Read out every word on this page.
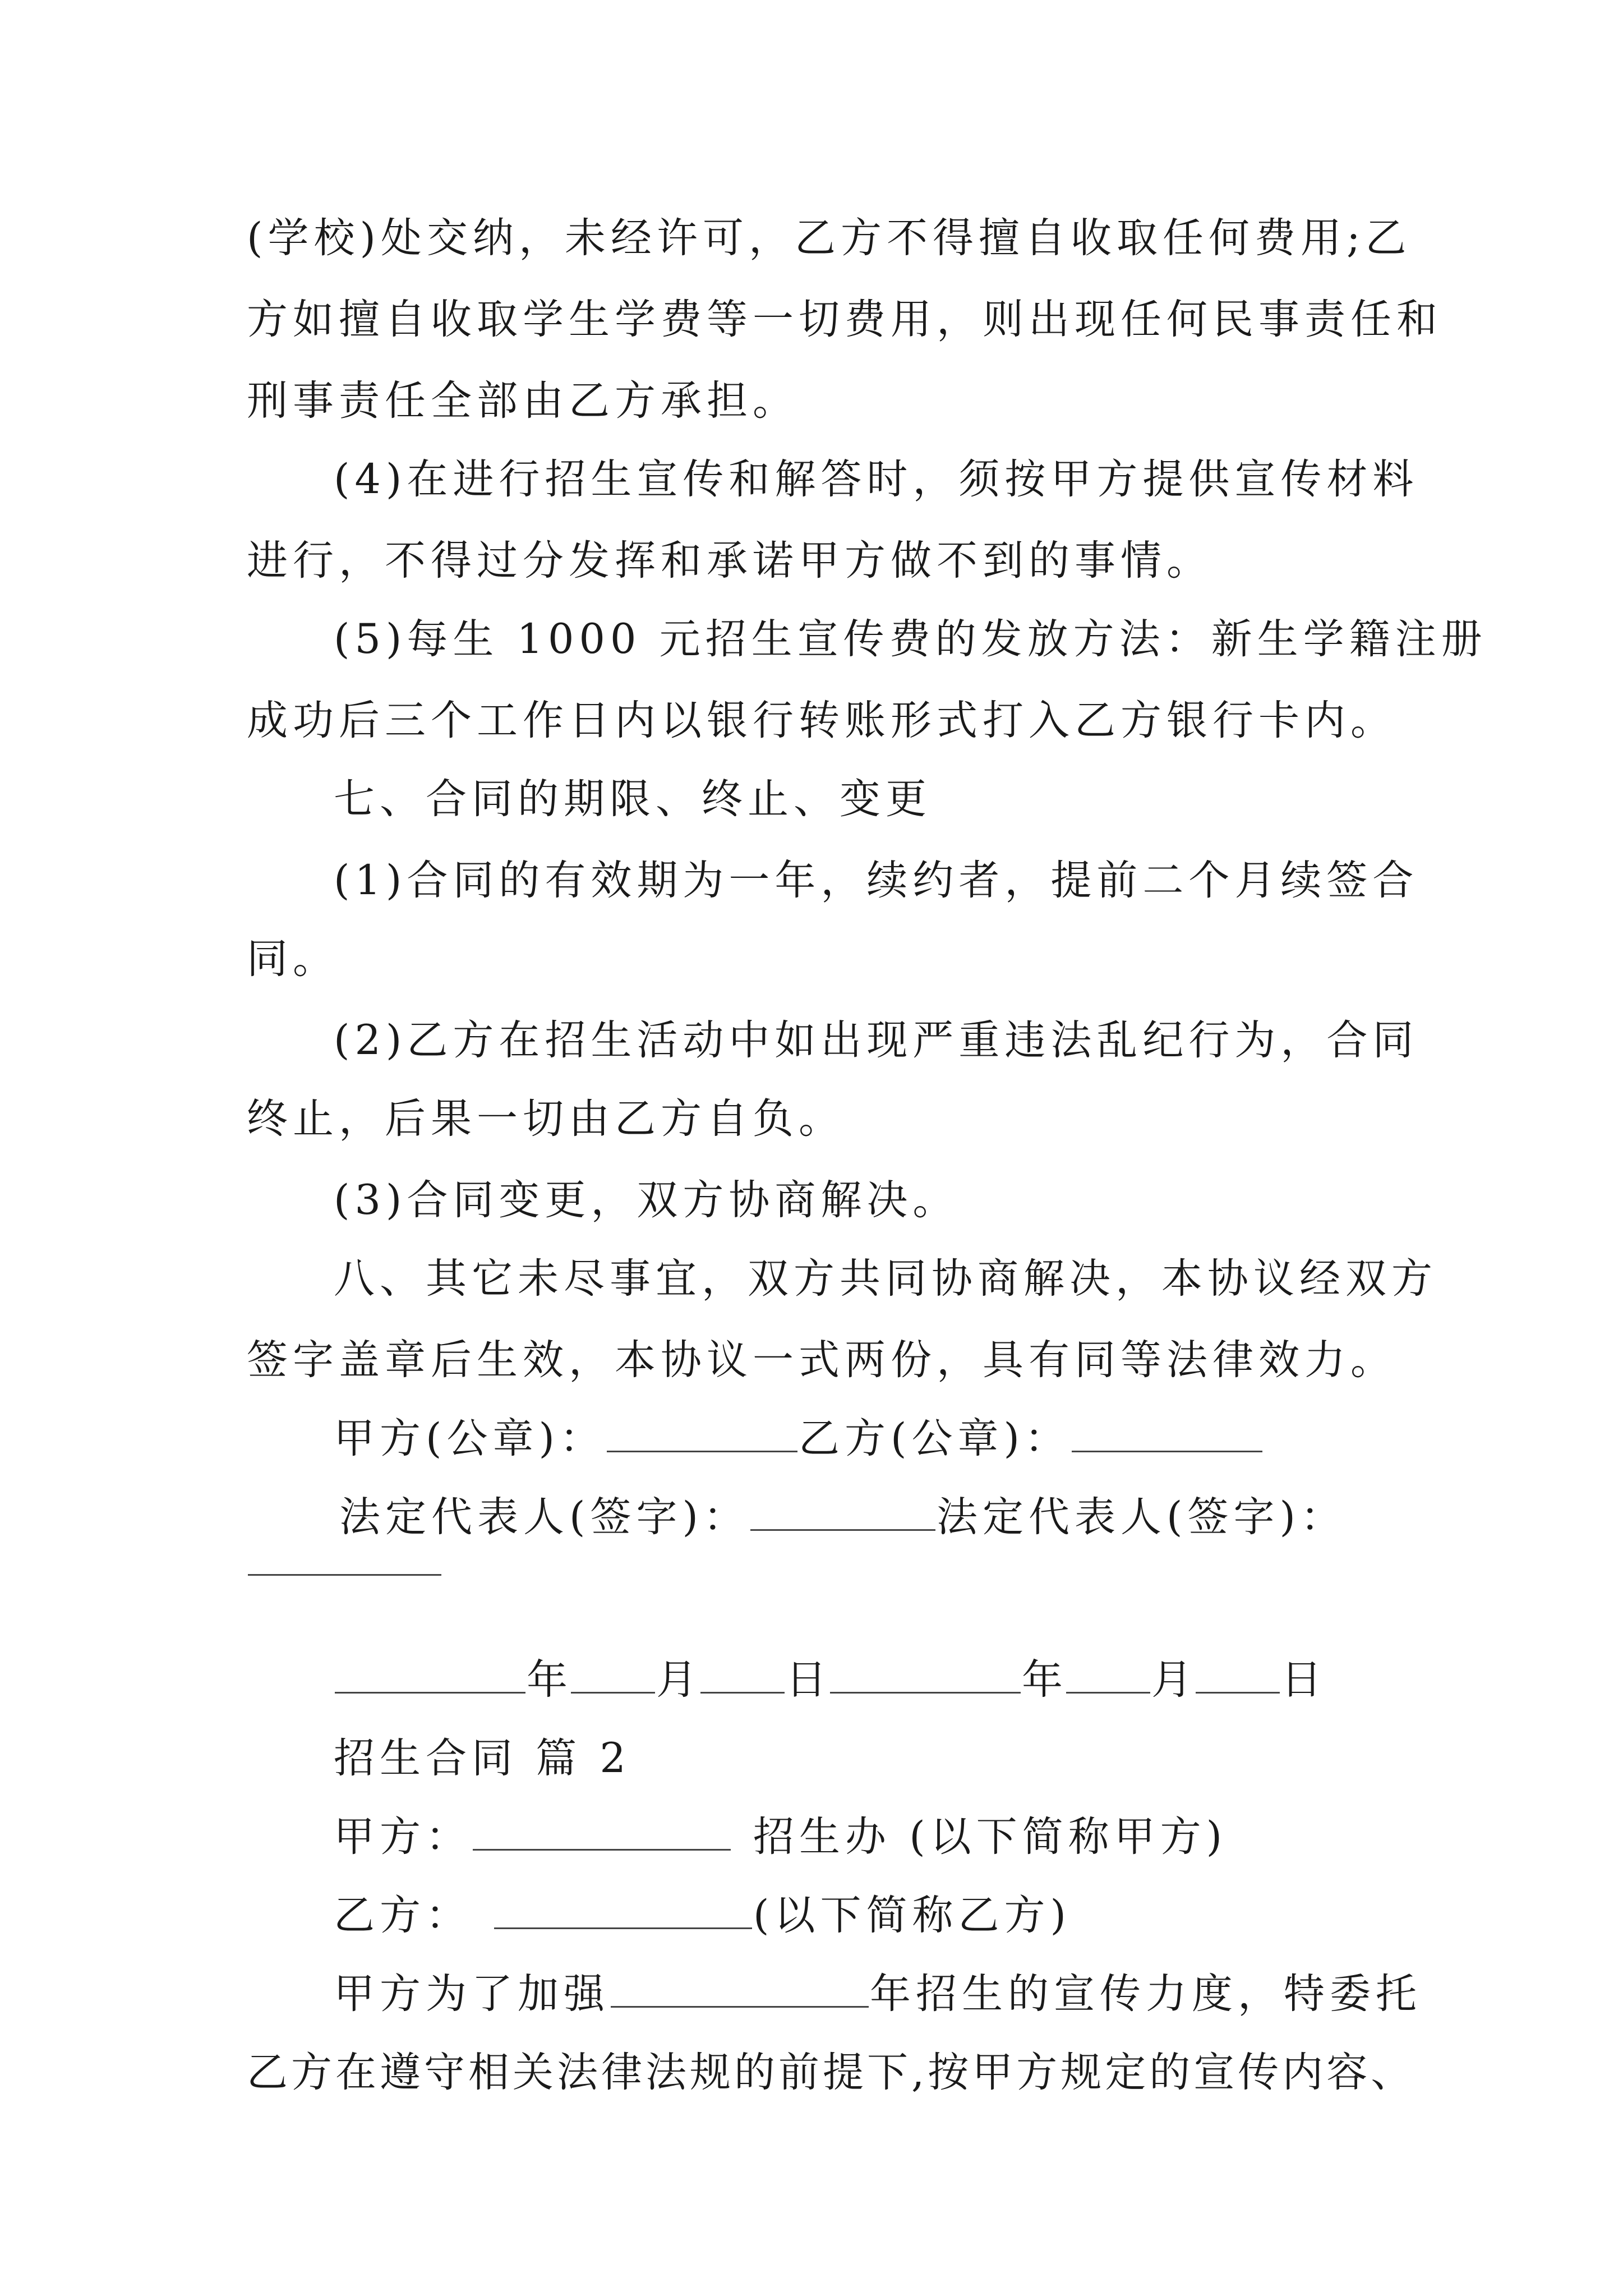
(学校)处交纳，未经许可，乙方不得擅自收取任何费用;乙
方如擅自收取学生学费等一切费用，则出现任何民事责任和
刑事责任全部由乙方承担。
(4)在进行招生宣传和解答时，须按甲方提供宣传材料
进行，不得过分发挥和承诺甲方做不到的事情。
(5)每生 1000 元招生宣传费的发放方法：新生学籍注册
成功后三个工作日内以银行转账形式打入乙方银行卡内。
七、合同的期限、终止、变更
(1)合同的有效期为一年，续约者，提前二个月续签合
同。
(2)乙方在招生活动中如出现严重违法乱纪行为，合同
终止，后果一切由乙方自负。
(3)合同变更，双方协商解决。
八、其它未尽事宜，双方共同协商解决，本协议经双方
签字盖章后生效，本协议一式两份，具有同等法律效力。
甲方(公章)：	乙方(公章)：
法定代表人(签字)：	法定代表人(签字)：
年 月 日	年 月 日
招生合同 篇 2
甲方：	招生办 (以下简称甲方)
乙方：	(以下简称乙方)
甲方为了加强	年招生的宣传力度，特委托
乙方在遵守相关法律法规的前提下,按甲方规定的宣传内容、
